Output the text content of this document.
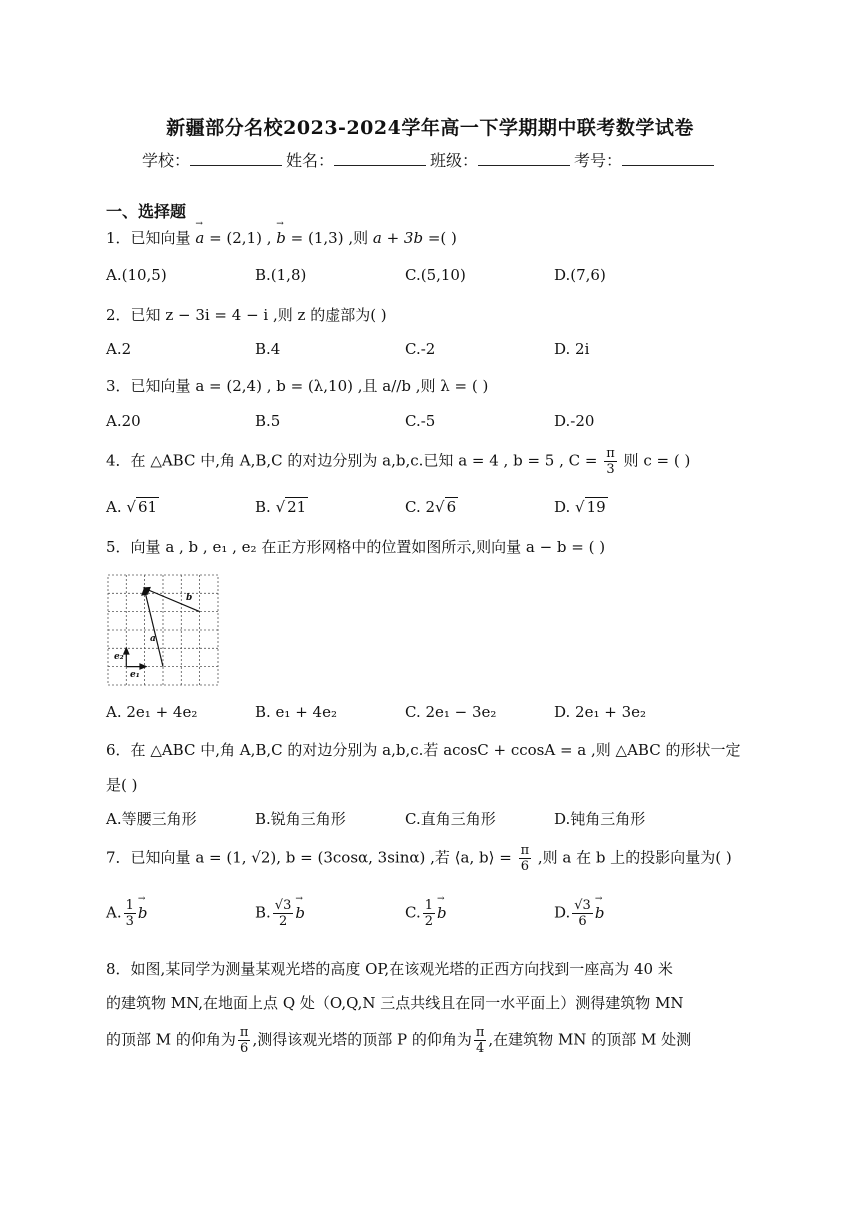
新疆部分名校2023-2024学年高一下学期期中联考数学试卷
学校：	姓名：	班级：	考号：
一、选择题
1．已知向量 → a = (2,1) , → b = (1,3) ,则 a + 3b =( )
A.(10,5)	B.(1,8)	C.(5,10)	D.(7,6)
2．已知 z − 3i = 4 − i ,则 z 的虚部为( )
A.2	B.4	C.-2	D. 2i
3．已知向量 a = (2,4) , b = (λ,10) ,且 a//b ,则 λ = ( )
A.20	B.5	C.-5	D.-20
4．在 △ABC 中,角 A,B,C 的对边分别为 a,b,c.已知 a = 4 , b = 5 , $C = \frac{\pi}{3}$ 则 c = ( )
A. √ 61	B. √ 21	C. 2√ 6	D. √ 19
5．向量 a , b , e₁ , e₂ 在正方形网格中的位置如图所示,则向量 a − b = ( )
a
b
e₁
e₂
A. 2e₁ + 4e₂	B. e₁ + 4e₂	C. 2e₁ − 3e₂	D. 2e₁ + 3e₂
6．在 △ABC 中,角 A,B,C 的对边分别为 a,b,c.若 acosC + ccosA = a ,则 △ABC 的形状一定
是( )
A.等腰三角形	B.锐角三角形	C.直角三角形	D.钝角三角形
7．已知向量 a = (1, √2), b = (3cosα, 3sinα) ,若 ⟨a, b⟩ = $\frac{\pi}{6}$ ,则 a 在 b 上的投影向量为( )
A. $\frac{1}{3}$
→ b	B. $\frac{√3}{2}$
→ b	C. $\frac{1}{2}$
→ b	D. $\frac{√3}{6}$
→ b
8．如图,某同学为测量某观光塔的高度 OP,在该观光塔的正西方向找到一座高为 40 米
的建筑物 MN,在地面上点 Q 处（O,Q,N 三点共线且在同一水平面上）测得建筑物 MN
的顶部 M 的仰角为 $\frac{\pi}{6}$ ,测得该观光塔的顶部 P 的仰角为 $\frac{\pi}{4}$ ,在建筑物 MN 的顶部 M 处测
